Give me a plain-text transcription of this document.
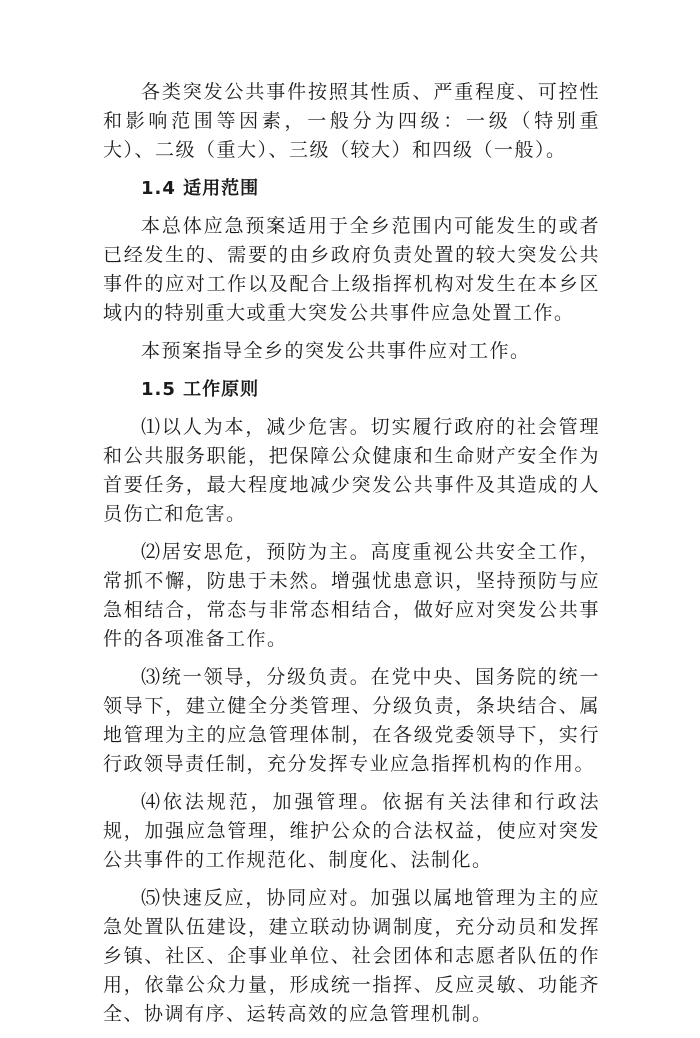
各类突发公共事件按照其性质、严重程度、可控性和影响范围等因素，一般分为四级：一级（特别重大）、二级（重大）、三级（较大）和四级（一般）。

1.4 适用范围

本总体应急预案适用于全乡范围内可能发生的或者已经发生的、需要的由乡政府负责处置的较大突发公共事件的应对工作以及配合上级指挥机构对发生在本乡区域内的特别重大或重大突发公共事件应急处置工作。

本预案指导全乡的突发公共事件应对工作。

1.5 工作原则

⑴以人为本，减少危害。切实履行政府的社会管理和公共服务职能，把保障公众健康和生命财产安全作为首要任务，最大程度地减少突发公共事件及其造成的人员伤亡和危害。

⑵居安思危，预防为主。高度重视公共安全工作，常抓不懈，防患于未然。增强忧患意识，坚持预防与应急相结合，常态与非常态相结合，做好应对突发公共事件的各项准备工作。

⑶统一领导，分级负责。在党中央、国务院的统一领导下，建立健全分类管理、分级负责，条块结合、属地管理为主的应急管理体制，在各级党委领导下，实行行政领导责任制，充分发挥专业应急指挥机构的作用。

⑷依法规范，加强管理。依据有关法律和行政法规，加强应急管理，维护公众的合法权益，使应对突发公共事件的工作规范化、制度化、法制化。

⑸快速反应，协同应对。加强以属地管理为主的应急处置队伍建设，建立联动协调制度，充分动员和发挥乡镇、社区、企事业单位、社会团体和志愿者队伍的作用，依靠公众力量，形成统一指挥、反应灵敏、功能齐全、协调有序、运转高效的应急管理机制。
